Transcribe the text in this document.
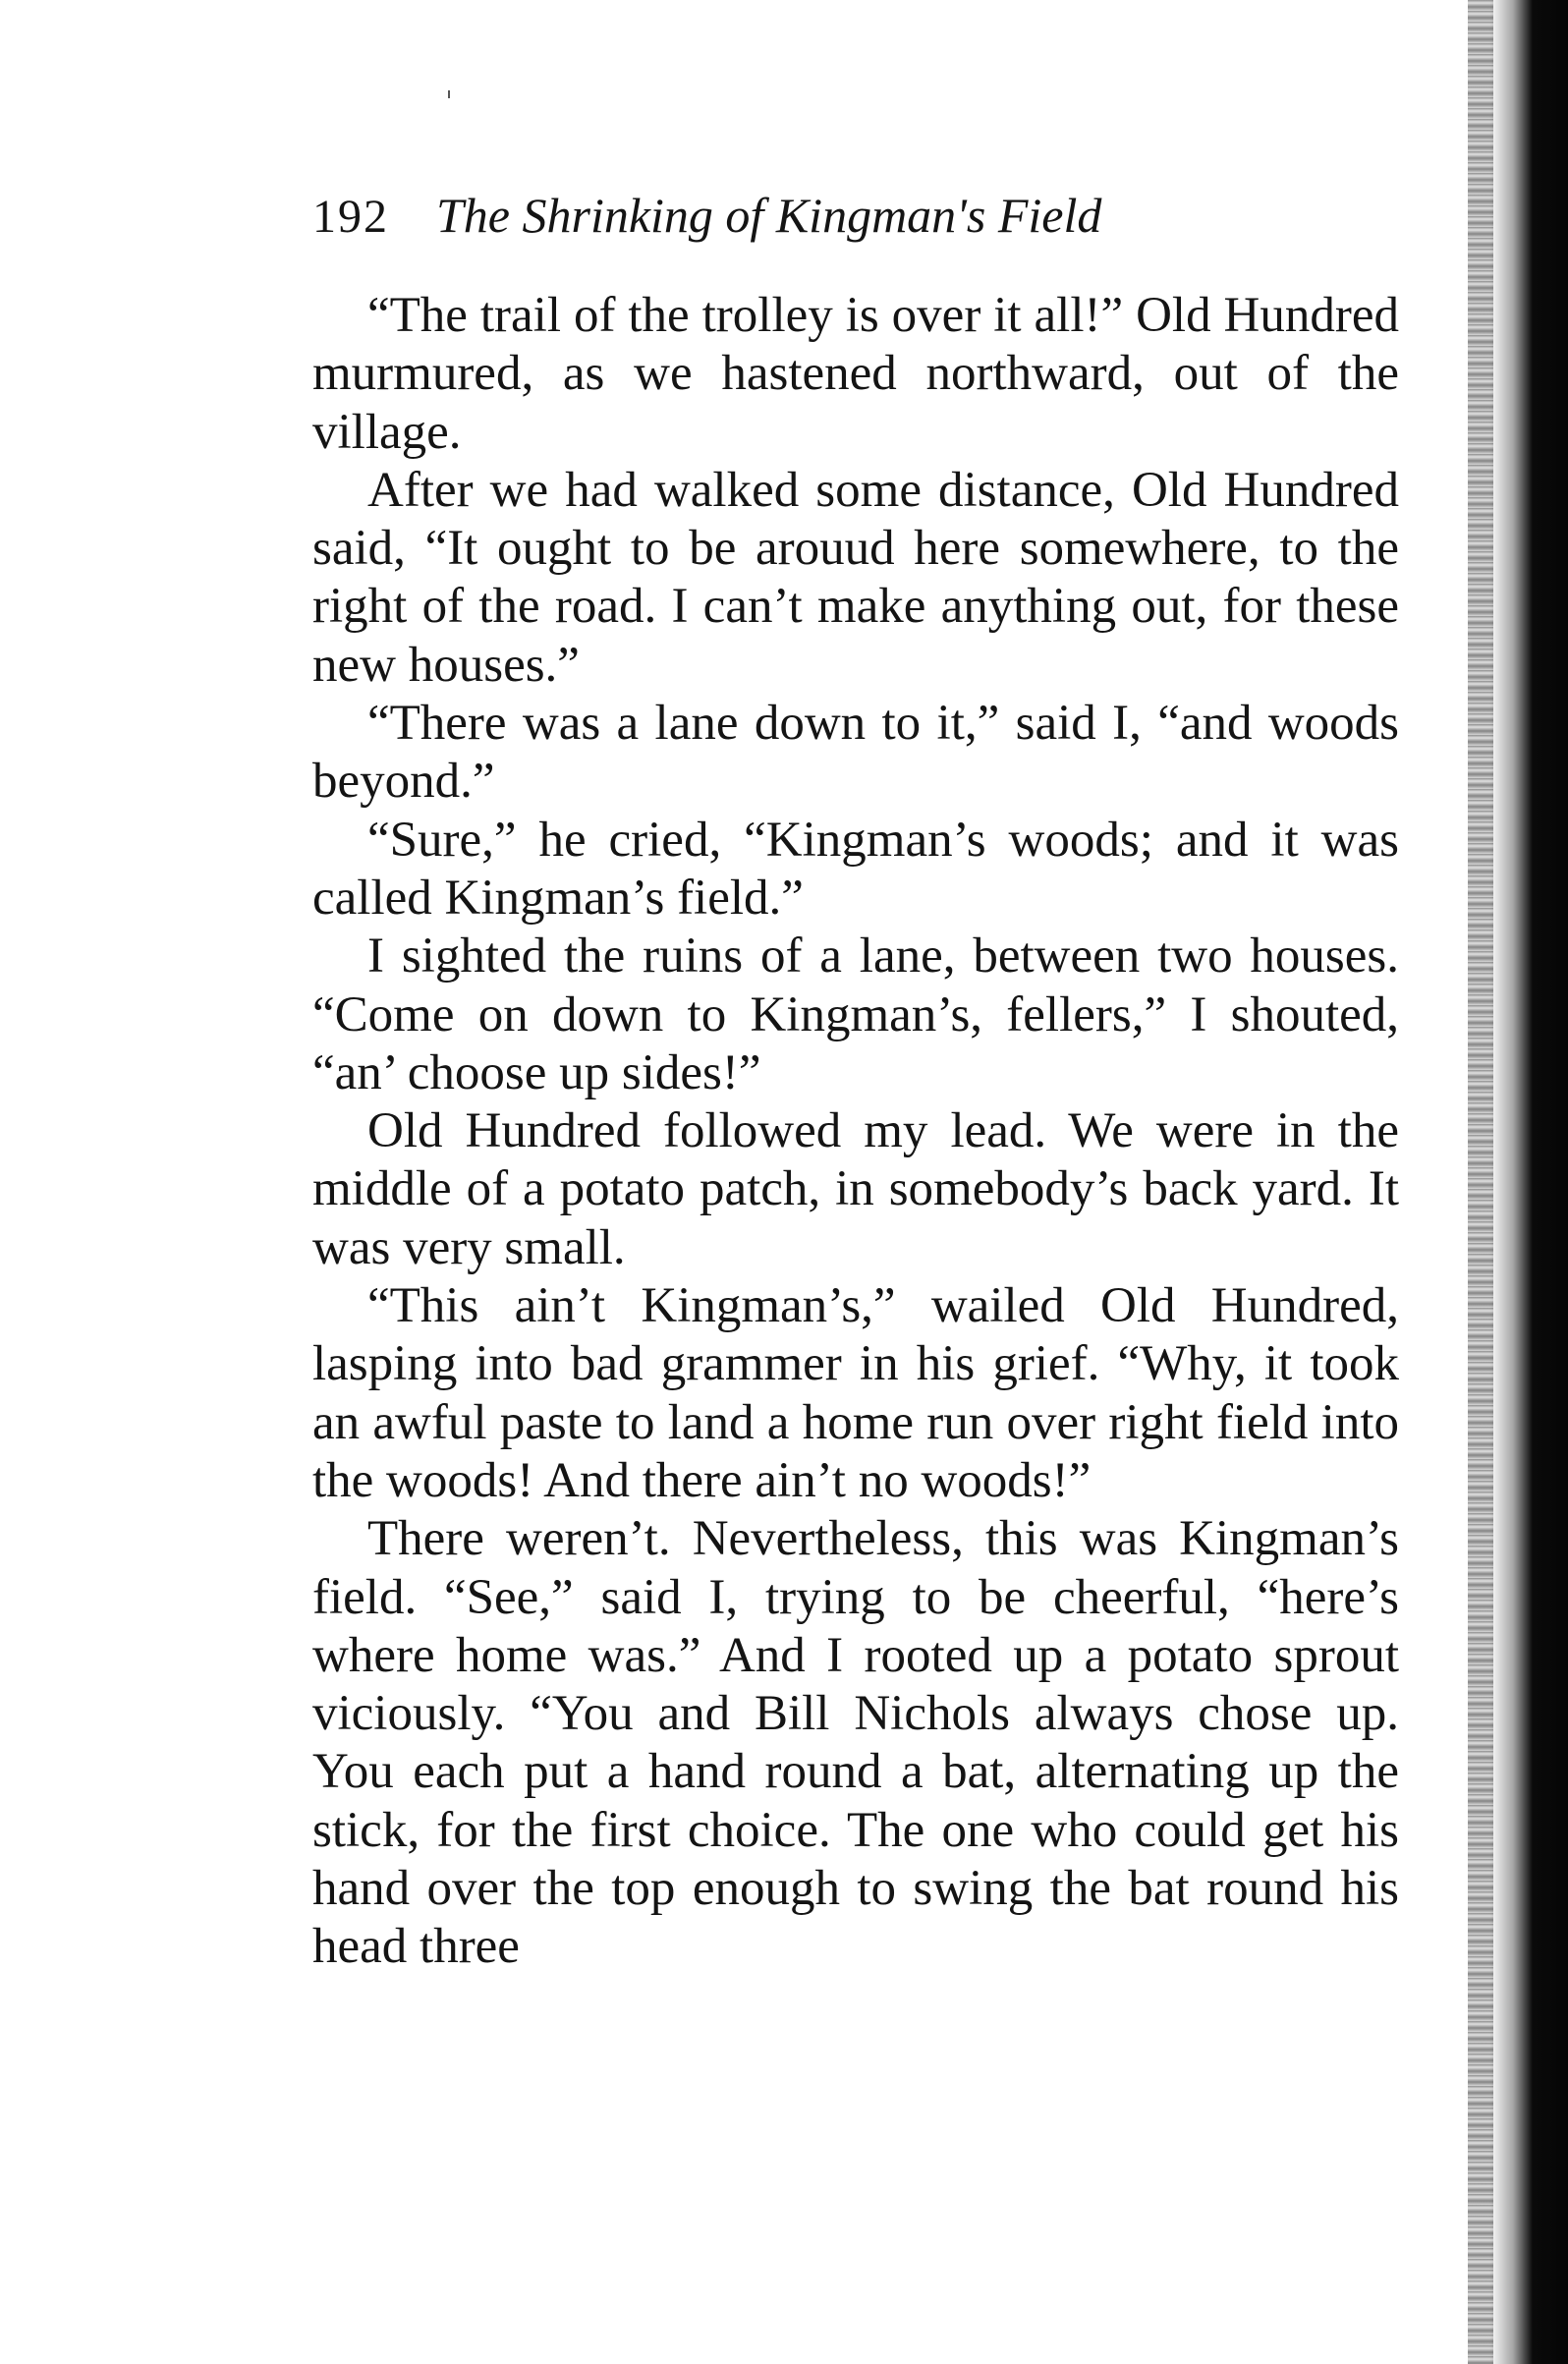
192 The Shrinking of Kingman's Field

“The trail of the trolley is over it all!” Old Hundred murmured, as we hastened northward, out of the village.

After we had walked some distance, Old Hundred said, “It ought to be arouud here somewhere, to the right of the road. I can’t make anything out, for these new houses.”

“There was a lane down to it,” said I, “and woods beyond.”

“Sure,” he cried, “Kingman’s woods; and it was called Kingman’s field.”

I sighted the ruins of a lane, between two houses. “Come on down to Kingman’s, fellers,” I shouted, “an’ choose up sides!”

Old Hundred followed my lead. We were in the middle of a potato patch, in somebody’s back yard. It was very small.

“This ain’t Kingman’s,” wailed Old Hundred, lasping into bad grammer in his grief. “Why, it took an awful paste to land a home run over right field into the woods! And there ain’t no woods!”

There weren’t. Nevertheless, this was Kingman’s field. “See,” said I, trying to be cheerful, “here’s where home was.” And I rooted up a potato sprout viciously. “You and Bill Nichols always chose up. You each put a hand round a bat, alternating up the stick, for the first choice. The one who could get his hand over the top enough to swing the bat round his head three
